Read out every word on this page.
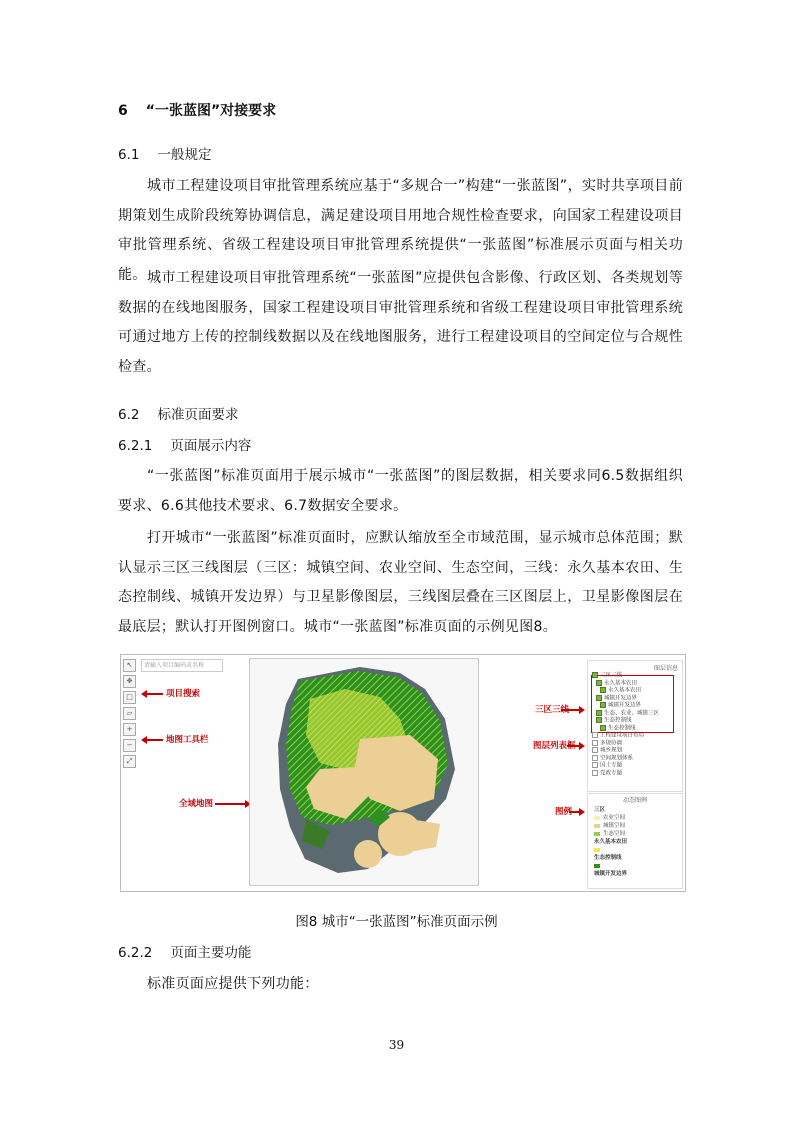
6 “一张蓝图”对接要求
6.1 一般规定
城市工程建设项目审批管理系统应基于“多规合一”构建“一张蓝图”，实时共享项目前期策划生成阶段统筹协调信息，满足建设项目用地合规性检查要求，向国家工程建设项目审批管理系统、省级工程建设项目审批管理系统提供“一张蓝图”标准展示页面与相关功能。 城市工程建设项目审批管理系统“一张蓝图”应提供包含影像、行政区划、各类规划等数据的在线地图服务，国家工程建设项目审批管理系统和省级工程建设项目审批管理系统可通过地方上传的控制线数据以及在线地图服务，进行工程建设项目的空间定位与合规性检查。
6.2 标准页面要求
6.2.1 页面展示内容
“一张蓝图”标准页面用于展示城市“一张蓝图”的图层数据，相关要求同6.5数据组织要求、6.6其他技术要求、6.7数据安全要求。
打开城市“一张蓝图”标准页面时，应默认缩放至全市域范围，显示城市总体范围；默认显示三区三线图层（三区：城镇空间、农业空间、生态空间，三线：永久基本农田、生态控制线、城镇开发边界）与卫星影像图层，三线图层叠在三区图层上，卫星影像图层在最底层；默认打开图例窗口。城市“一张蓝图”标准页面的示例见图8。
↖
✥
□
▱
+
−
⤢
请输入项目编码或名称
项目搜索
地图工具栏
全域地图
三区三线
图层列表框
图例
图层信息
三区三线
永久基本农田
永久基本农田
城镇开发边界
城镇开发边界
生态、农业、城镇三区
生态控制线
生态控制线
工程建设项目布局
多规协调
城乡规划
空间规划体系
国土专题
党政专题
动态图例
三区
农业空间
城镇空间
生态空间
永久基本农田
生态控制线
城镇开发边界
图8 城市“一张蓝图”标准页面示例
6.2.2 页面主要功能
标准页面应提供下列功能：
39
